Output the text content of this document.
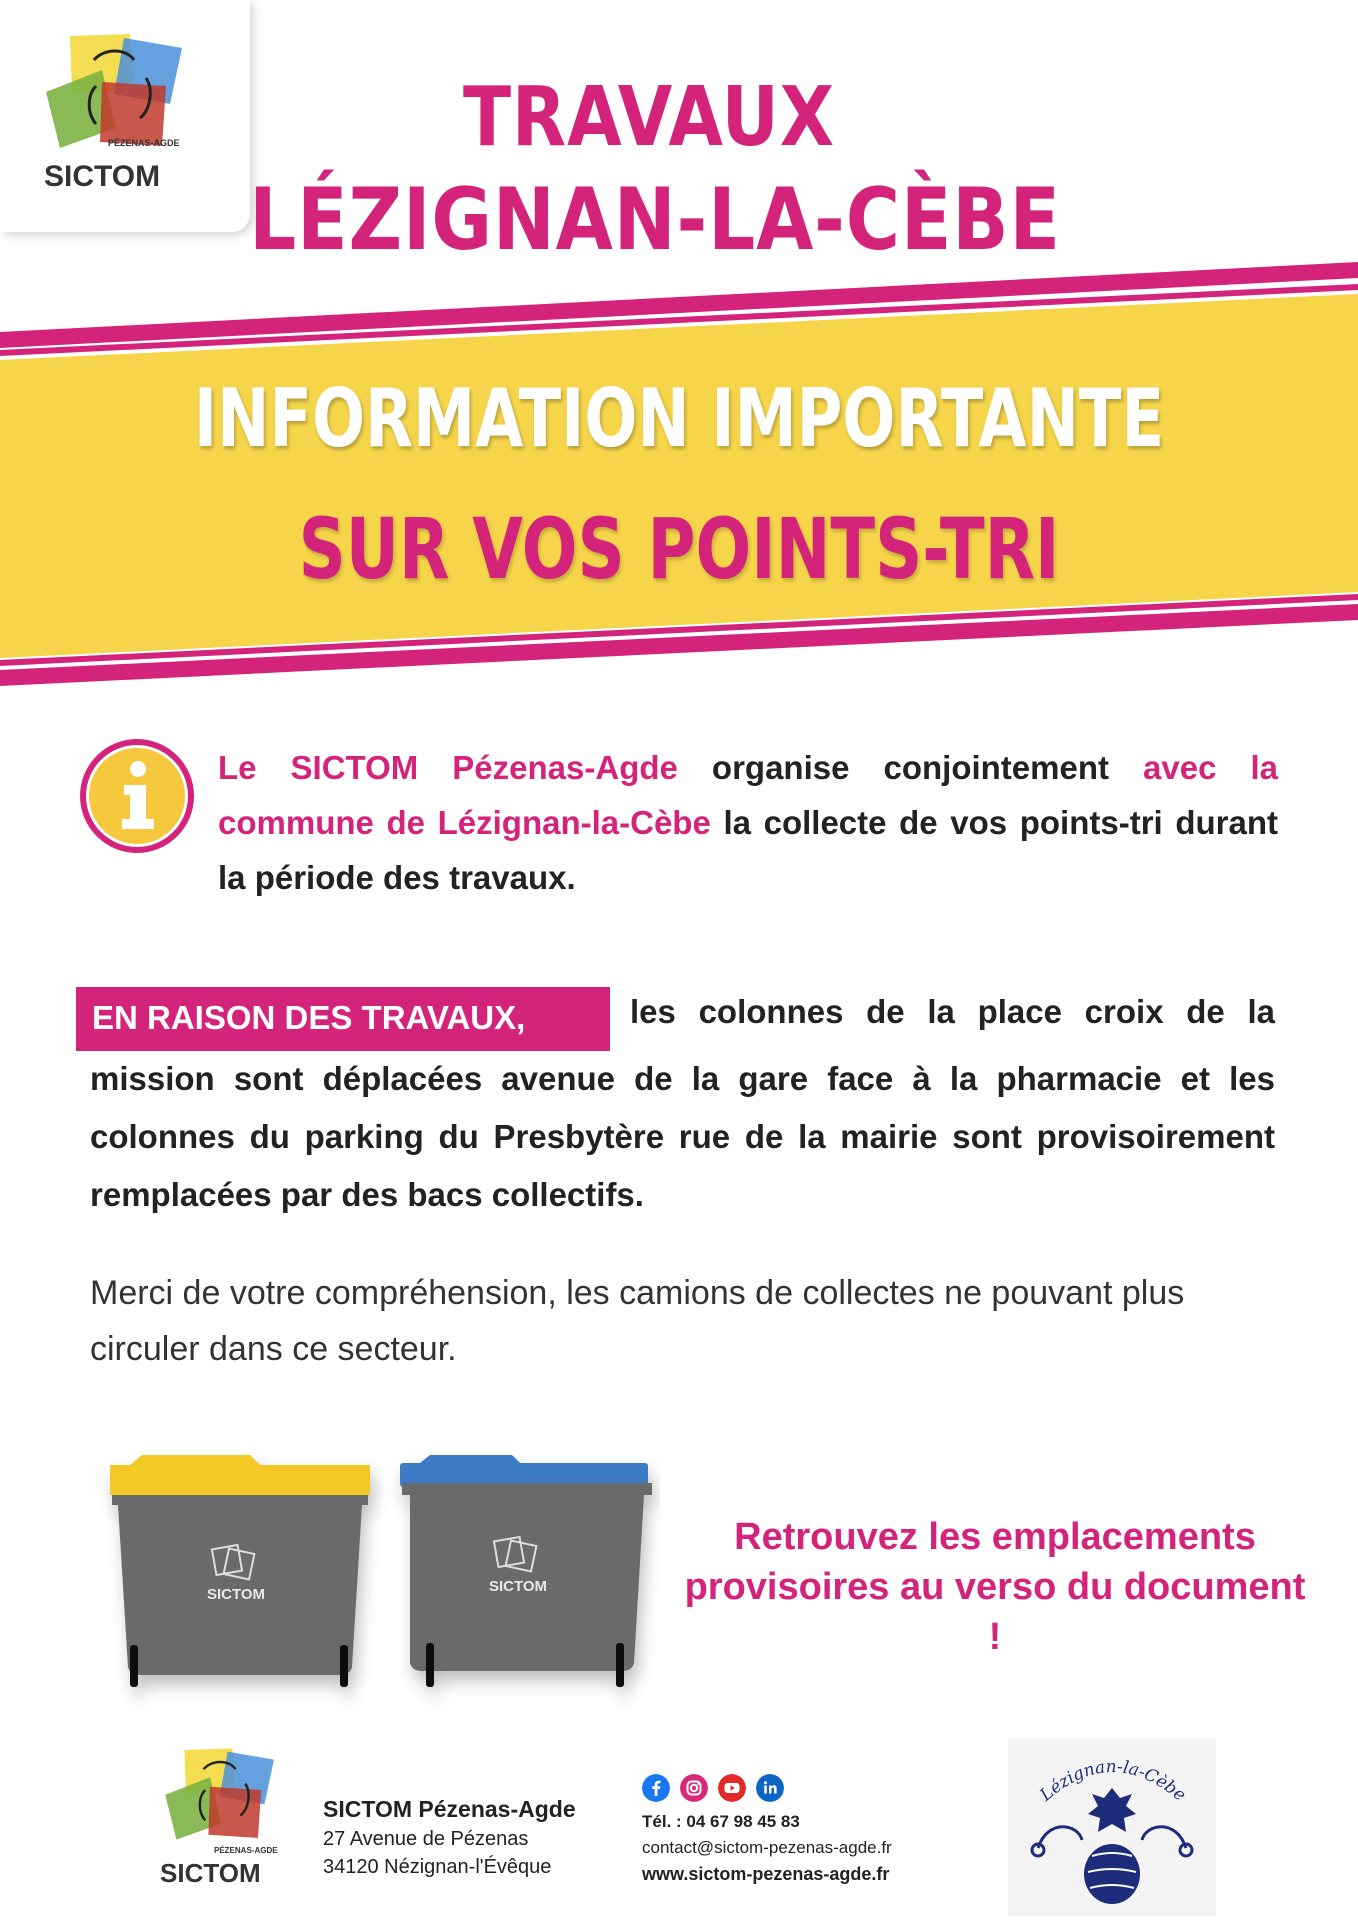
PÉZENAS-AGDE
SICTOM
TRAVAUX
LÉZIGNAN-LA-CÈBE
INFORMATION IMPORTANTE
SUR VOS POINTS-TRI
Le SICTOM Pézenas-Agde organise conjointement avec la commune de Lézignan-la-Cèbe la collecte de vos points-tri durant la période des travaux.
EN RAISON DES TRAVAUX,	les colonnes de la place croix de la
mission sont déplacées avenue de la gare face à la pharmacie et les colonnes du parking du Presbytère rue de la mairie sont provisoirement remplacées par des bacs collectifs.
Merci de votre compréhension, les camions de collectes ne pouvant plus circuler dans ce secteur.
SICTOM	SICTOM
Retrouvez les emplacements provisoires au verso du document !
PÉZENAS-AGDE
SICTOM
SICTOM Pézenas-Agde
27 Avenue de Pézenas
34120 Nézignan-l'Évêque
Tél. : 04 67 98 45 83
contact@sictom-pezenas-agde.fr
www.sictom-pezenas-agde.fr
Lézignan-la-Cèbe
